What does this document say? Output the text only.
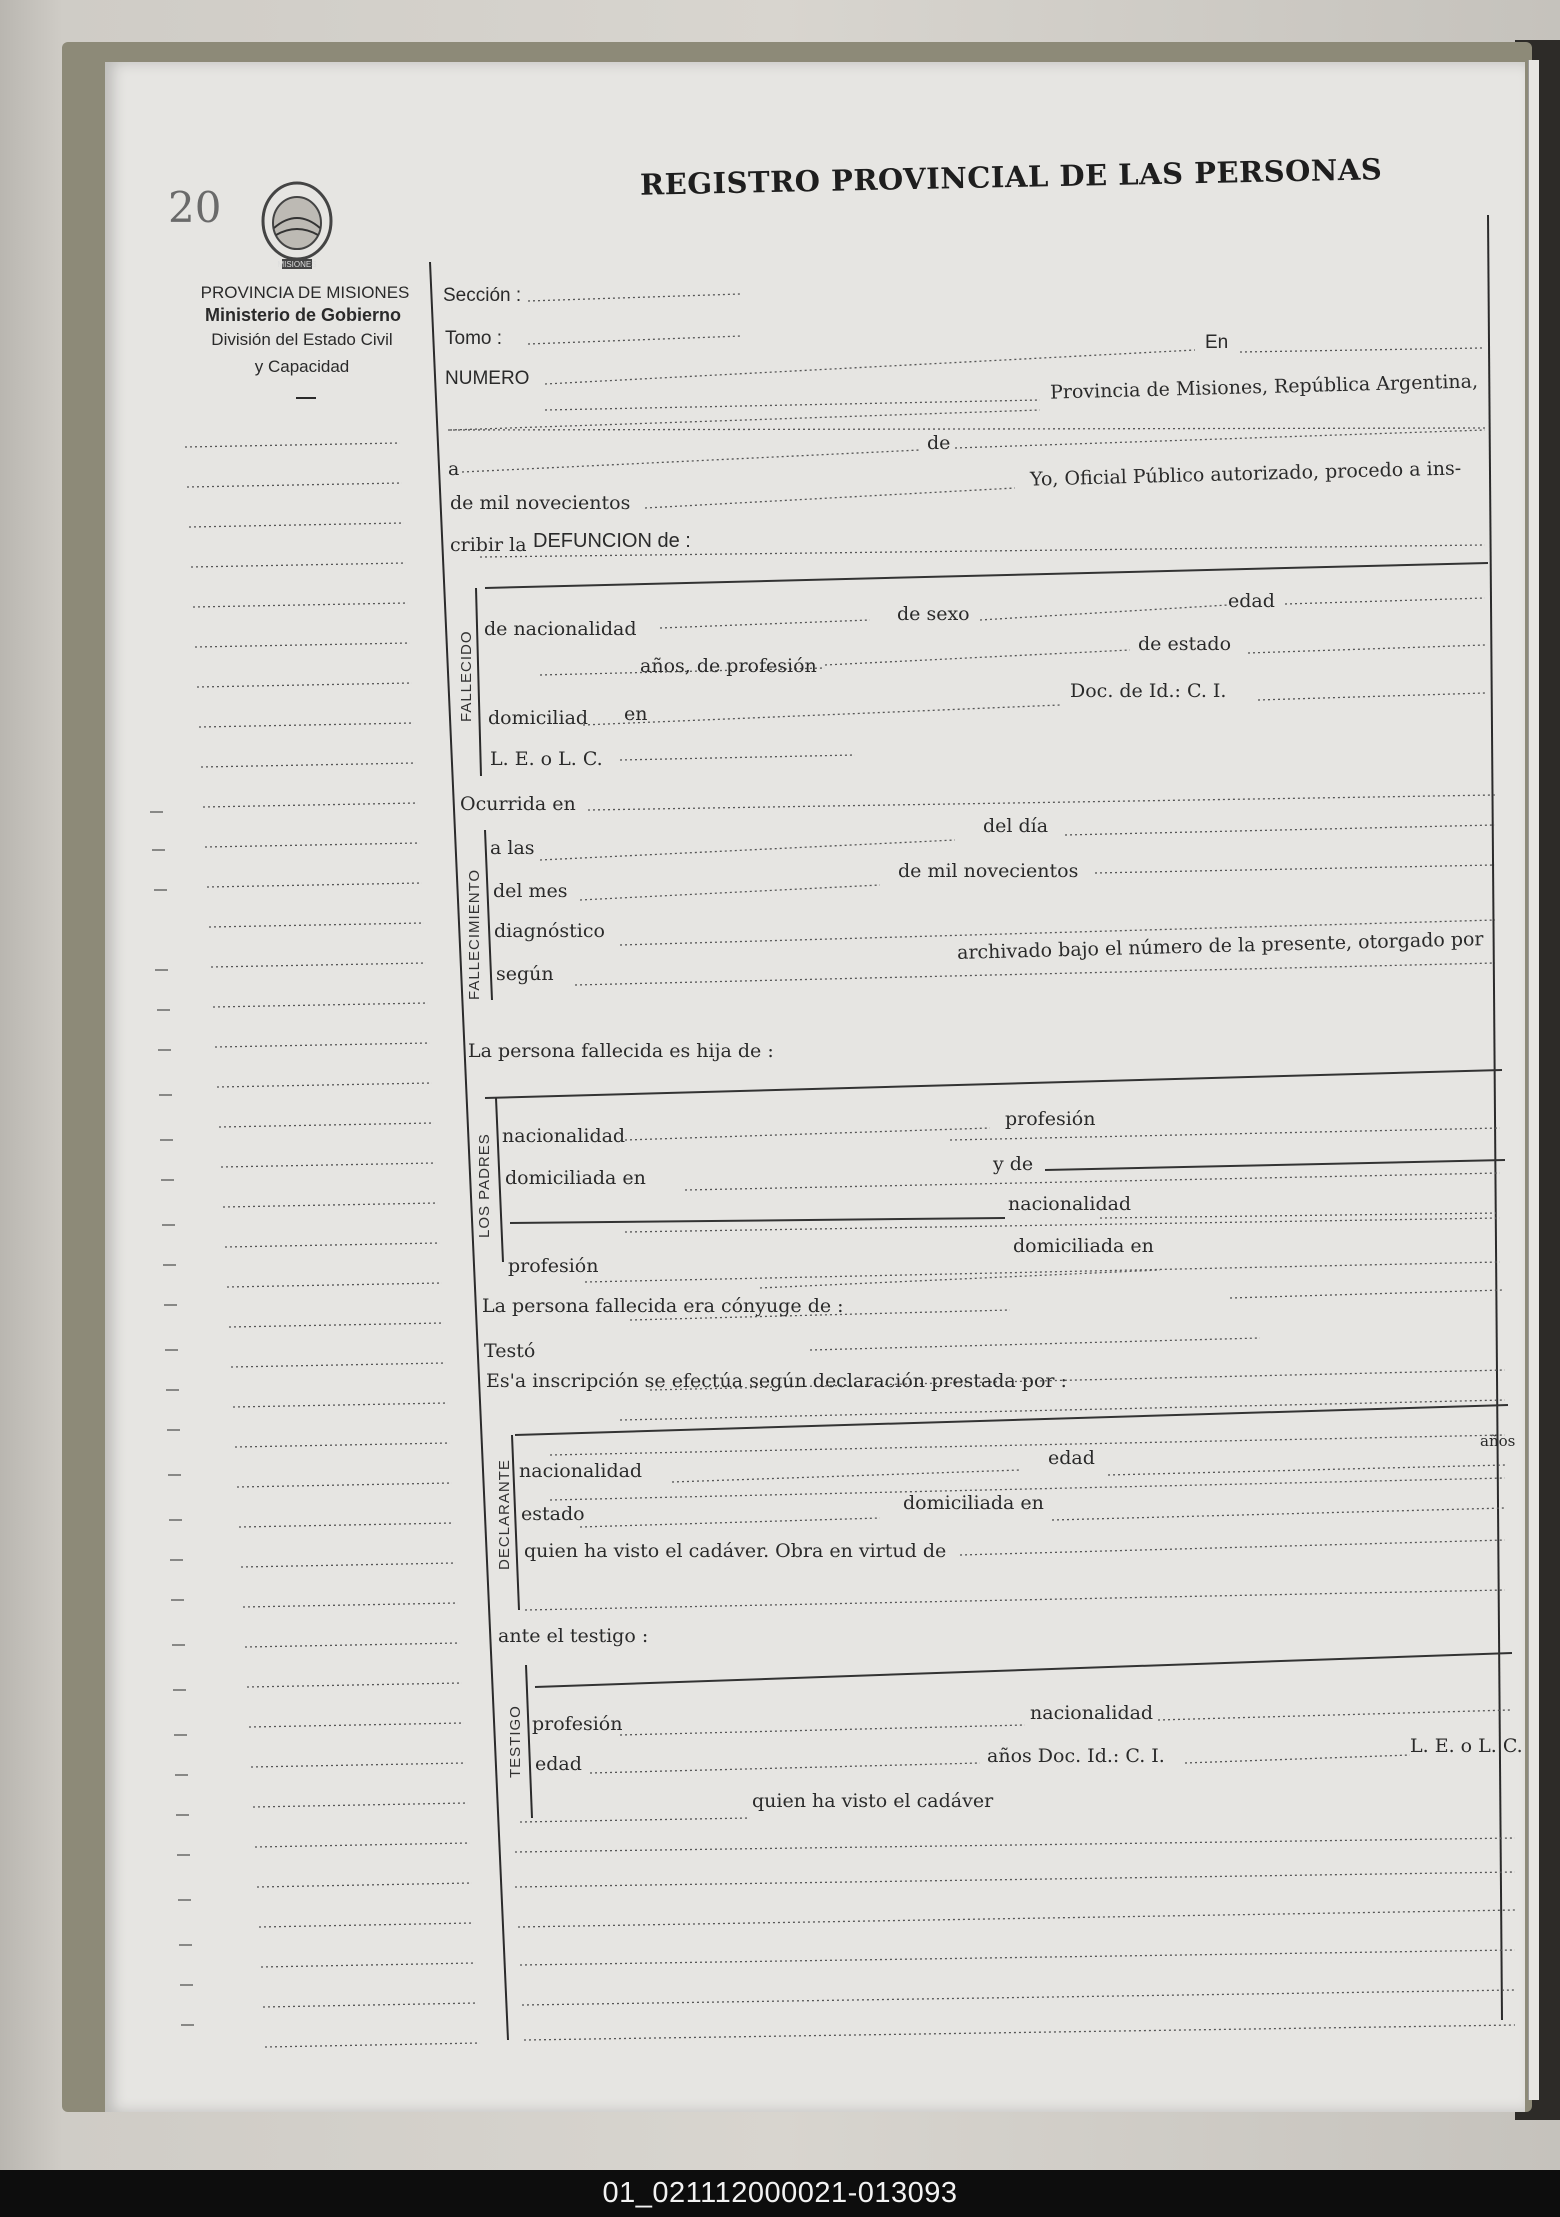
20
MISIONES
REGISTRO PROVINCIAL DE LAS PERSONAS
PROVINCIA DE MISIONES
Ministerio de Gobierno
División del Estado Civil
y Capacidad
Sección :
Tomo :	En
NUMERO	Provincia de Misiones, República Argentina,
de
a
de mil novecientos
Yo, Oficial Público autorizado, procedo a ins-
cribir la DEFUNCION de :
FALLECIDO
de nacionalidad
de sexo
edad
años, de profesión
de estado
domiciliad en
Doc. de Id.: C. I.
L. E. o L. C.
Ocurrida en
FALLECIMIENTO
a las
del día
del mes
de mil novecientos
diagnóstico
según
archivado bajo el número de la presente, otorgado por
La persona fallecida es hija de :
LOS PADRES nacionalidad
profesión
domiciliada en
y de
nacionalidad
profesión
domiciliada en
La persona fallecida era cónyuge de :
Testó
Es'a inscripción se efectúa según declaración prestada por :
DECLARANTE nacionalidad
edad
años
estado	domiciliada en
quien ha visto el cadáver. Obra en virtud de
ante el testigo :
TESTIGO profesión	nacionalidad
edad	años Doc. Id.: C. I.	L. E. o L. C.
quien ha visto el cadáver
01_021112000021-013093
